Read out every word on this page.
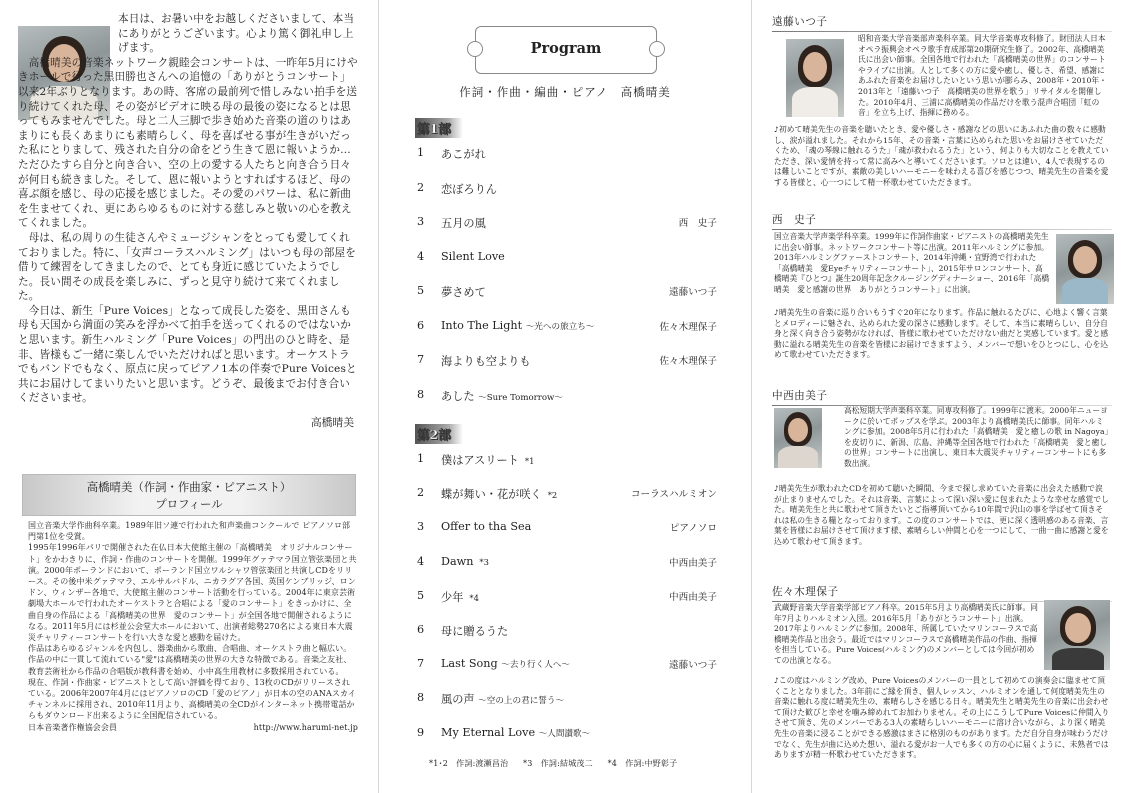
本日は、お暑い中をお越しくださいまして、本当にありがとうございます。心より篤く御礼申し上げます。

高橋晴美の音楽ネットワーク親睦会コンサートは、一昨年5月にけやきホールで行った黒田勝也さんへの追憶の「ありがとうコンサート」以来2年ぶりとなります。あの時、客席の最前列で惜しみない拍手を送り続けてくれた母、その姿がビデオに映る母の最後の姿になるとは思ってもみませんでした。母と二人三脚で歩き始めた音楽の道のりはあまりにも長くあまりにも素晴らしく、母を喜ばせる事が生きがいだった私にとりまして、残された自分の命をどう生きて恩に報いようか…ただひたすら自分と向き合い、空の上の愛する人たちと向き合う日々が何日も続きました。そして、恩に報いようとすればするほど、母の喜ぶ顔を感じ、母の応援を感じました。その愛のパワーは、私に新曲を生ませてくれ、更にあらゆるものに対する慈しみと敬いの心を教えてくれました。

母は、私の周りの生徒さんやミュージシャンをとっても愛してくれておりました。特に、「女声コーラスハルミング」はいつも母の部屋を借りて練習をしてきましたので、とても身近に感じていたようでした。長い間その成長を楽しみに、ずっと見守り続けて来てくれました。

今日は、新生「Pure Voices」となって成長した姿を、黒田さんも母も天国から満面の笑みを浮かべて拍手を送ってくれるのではないかと思います。新生ハルミング「Pure Voices」の門出のひと時を、是非、皆様もご一緒に楽しんでいただければと思います。オーケストラでもバンドでもなく、原点に戻ってピアノ1本の伴奏でPure Voicesと共にお届けしてまいりたいと思います。どうぞ、最後までお付き合いくださいませ。

高橋晴美
高橋晴美（作詞・作曲家・ピアニスト）
プロフィール

国立音楽大学作曲科卒業。1989年旧ソ連で行われた和声楽曲コンクールで ピアノソロ部門第1位を受賞。

1995年1996年パリで開催された在仏日本大使館主催の「高橋晴美　オリジナルコンサート」をかわきりに、作詞・作曲のコンサートを開催。1999年グァテマラ国立管弦楽団と共演。2000年ポーランドにおいて、ポーランド国立ワルシャワ管弦楽団と共演しCDをリリース。その後中米グァテマラ、エルサルバドル、ニカラグア各国、英国ケンブリッジ、ロンドン、ウィンザー各地で、大使館主催のコンサート活動を行っている。2004年に東京芸術劇場大ホールで行われたオーケストラと合唱による「愛のコンサート」をきっかけに、全曲自身の作品による「高橋晴美の世界　愛のコンサート」が全国各地で開催されるようになる。2011年5月には杉並公会堂大ホールにおいて、出演者総勢270名による東日本大震災チャリティーコンサートを行い大きな愛と感動を届けた。

作品はあらゆるジャンルを内包し、器楽曲から歌曲、合唱曲、オーケストラ曲と幅広い。作品の中に一貫して流れている"愛"は高橋晴美の世界の大きな特徴である。音楽之友社、教育芸術社から作品の合唱版が教科書を始め、小中高生用教材に多数採用されている。

現在、作詞・作曲家・ピアニストとして高い評価を得ており、13枚のCDがリリースされている。2006年2007年4月にはピアノソロのCD「愛のピアノ」が日本の空のANAスカイチャンネルに採用され、2010年11月より、高橋晴美の全CDがインターネット携帯電話からもダウンロード出来るように全国配信されている。

日本音楽著作権協会会員	http://www.harumi-net.jp

Program
作詞・作曲・編曲・ピアノ　高橋晴美
第1部
1	あこがれ
2	恋ぼろりん
3	五月の風	西　史子
4	Silent Love
5	夢さめて	遠藤いつ子
6	Into The Light ～光への旅立ち～	佐々木理保子
7	海よりも空よりも	佐々木理保子
8	あした ～Sure Tomorrow～
第2部
1	僕はアスリート *1
2	蝶が舞い・花が咲く *2	コーラスハルミオン
3	Offer to tha Sea	ピアノソロ
4	Dawn *3	中西由美子
5	少年 *4	中西由美子
6	母に贈るうた
7	Last Song ～去り行く人へ～	遠藤いつ子
8	風の声 ～空の上の君に誓う～
9	My Eternal Love ～人間讃歌～
*1･2　作詞:渡瀬昌治 *3　作詞:結城茂二 *4　作詞:中野彰子
遠藤いつ子
昭和音楽大学音楽部声楽科卒業。同大学音楽専攻科修了。財団法人日本オペラ振興会オペラ歌手育成部第20期研究生修了。2002年、高橋晴美氏に出会い師事。全国各地で行われた「高橋晴美の世界」のコンサートやライブに出演。人として多くの方に愛や癒し、優しさ、希望、感謝にあふれた音楽をお届けしたいという思いが膨らみ、2008年・2010年・2013年と「遠藤いつ子　高橋晴美の世界を歌う」リサイタルを開催した。2010年4月、三浦に高橋晴美の作品だけを歌う混声合唱団「虹の音」を立ち上げ、指揮に務める。
♪初めて晴美先生の音楽を聴いたとき、愛や優しさ・感謝などの思いにあふれた曲の数々に感動し、涙が溢れました。それから15年、その音楽・言葉に込められた思いをお届けさせていただくため、「魂の琴線に触れるうた」「魂が救われるうた」という、何よりも大切なことを教えていただき、深い愛情を持って常に高みへと導いてくださいます。ソロとは違い、4人で表現するのは難しいことですが、素敵の美しいハーモニーを味わえる喜びを感じつつ、晴美先生の音楽を愛する皆様と、心一つにして精一杯歌わせていただきます。
西　史子
国立音楽大学声楽学科卒業。1999年に作詞作曲家・ピアニストの高橋晴美先生に出会い師事。ネットワークコンサート等に出演。2011年ハルミングに参加。2013年ハルミングファーストコンサート、2014年沖縄・宜野湾で行われた「高橋晴美　愛Eyeチャリティーコンサート」、2015年サロンコンサート、高橋晴美『ひとつ』誕生20周年記念クルージングディナーショー、2016年「高橋晴美　愛と感謝の世界　ありがとうコンサート」に出演。
♪晴美先生の音楽に巡り合いもうすぐ20年になります。作品に触れるたびに、心地よく響く言葉とメロディーに魅され、込められた愛の深さに感動します。そして、本当に素晴らしい、自分自身と深く向き合う姿勢がなければ、皆様に歌わせていただけない曲だと実感しています。愛と感動に溢れる晴美先生の音楽を皆様にお届けできますよう、メンバーで想いをひとつにし、心を込めて歌わせていただきます。
中西由美子
高松短期大学声楽科卒業。同専攻科修了。1999年に渡米。2000年ニューヨークに於いてポップスを学ぶ。2003年より高橋晴美氏に師事。同年ハルミングに参加。2008年5月に行われた「高橋晴美　愛と癒しの歌 in Nagoya」を皮切りに、新潟、広島、沖縄等全国各地で行われた「高橋晴美　愛と癒しの世界」コンサートに出演し、東日本大震災チャリティーコンサートにも多数出演。
♪晴美先生が歌われたCDを初めて聴いた瞬間、今まで探し求めていた音楽に出会えた感動で涙が止まりませんでした。それは音楽、言葉によって深い深い愛に包まれたような幸せな感覚でした。晴美先生と共に歌わせて頂きたいとご指導頂いてから10年間で沢山の事を学ばせて頂きそれは私の生きる糧となっております。この度のコンサートでは、更に深く透明感のある音楽、言葉を皆様にお届けさせて頂けます様、素晴らしい仲間と心を一つにして、一曲一曲に感謝と愛を込めて歌わせて頂きます。
佐々木理保子
武蔵野音楽大学音楽学部ピアノ科卒。2015年5月より高橋晴美氏に師事。同年7月よりハルミオン入団。2016年5月「ありがとうコンサート」出演。2017年よりハルミングに参加。2008年、所属していたマリンコーラスで高橋晴美作品と出会う。最近ではマリンコーラスで高橋晴美作品の作曲、指揮を担当している。Pure Voices(ハルミング)のメンバーとしては今回が初めての出演となる。
♪この度はハルミング改め、Pure Voicesのメンバーの一員として初めての演奏会に臨ませて頂くこととなりました。3年前にご縁を頂き、個人レッスン、ハルミオンを通して何度晴美先生の音楽に触れる度に晴美先生の、素晴らしさを感じる日々。晴美先生と晴美先生の音楽に出会わせて頂けた歓びと幸せを噛み締めれてお加わりません。その上にこうしてPure Voicesに仲間入りさせて頂き、先のメンバーである3人の素晴らしいハーモニーに溶け合いながら、より深く晴美先生の音楽に浸ることができる感激はまさに格別のものがあります。ただ自分自身が味わうだけでなく、先生が曲に込めた想い、溢れる愛がお一人でも多くの方の心に届くように、未熟者ではありますが精一杯歌わせていただきます。
